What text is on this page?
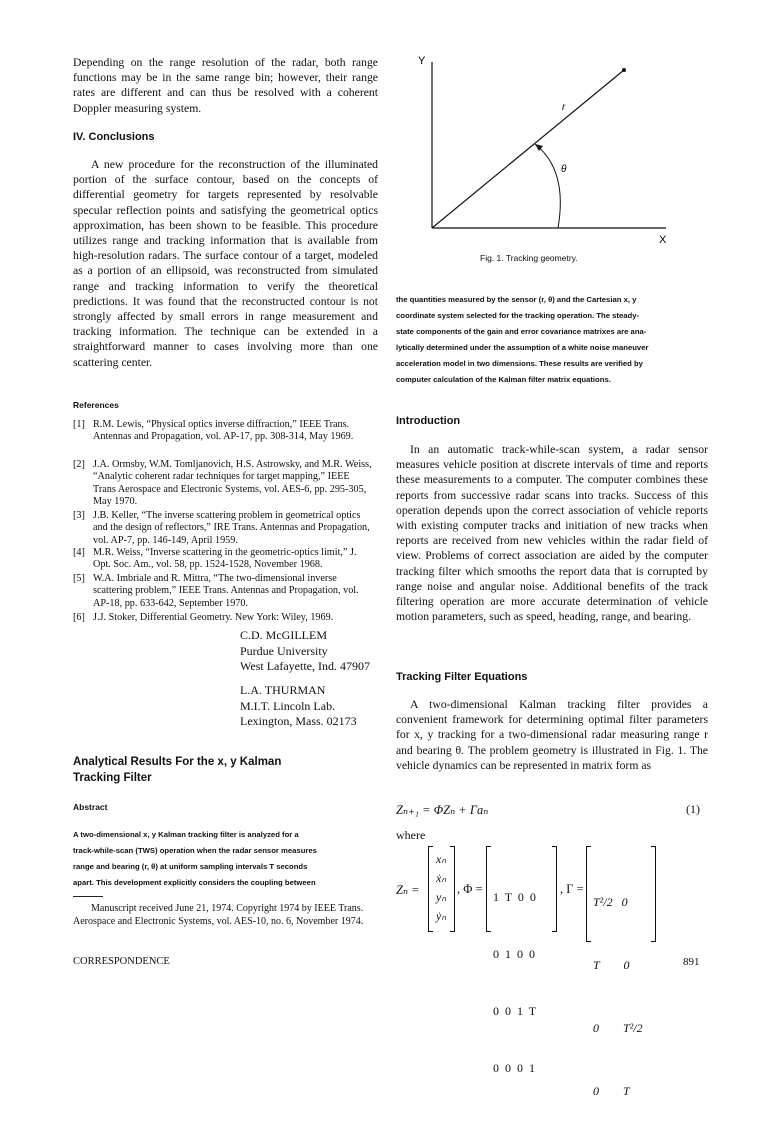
Depending on the range resolution of the radar, both range functions may be in the same range bin; however, their range rates are different and can thus be resolved with a coherent Doppler measuring system.

IV. Conclusions

A new procedure for the reconstruction of the illuminated portion of the surface contour, based on the concepts of differential geometry for targets represented by resolvable specular reflection points and satisfying the geometrical optics approximation, has been shown to be feasible. This procedure utilizes range and tracking information that is available from high-resolution radars. The surface contour of a target, modeled as a portion of an ellipsoid, was reconstructed from simulated range and tracking information to verify the theoretical predictions. It was found that the reconstructed contour is not strongly affected by small errors in range measurement and tracking information. The technique can be extended in a straightforward manner to cases involving more than one scattering center.

References
[1] R.M. Lewis, “Physical optics inverse diffraction,” IEEE Trans. Antennas and Propagation, vol. AP-17, pp. 308-314, May 1969.
[2] J.A. Ormsby, W.M. Tomljanovich, H.S. Astrowsky, and M.R. Weiss, “Analytic coherent radar techniques for target mapping,” IEEE Trans Aerospace and Electronic Systems, vol. AES-6, pp. 295-305, May 1970.
[3] J.B. Keller, “The inverse scattering problem in geometrical optics and the design of reflectors,” IRE Trans. Antennas and Propagation, vol. AP-7, pp. 146-149, April 1959.
[4] M.R. Weiss, “Inverse scattering in the geometric-optics limit,” J. Opt. Soc. Am., vol. 58, pp. 1524-1528, November 1968.
[5] W.A. Imbriale and R. Mittra, “The two-dimensional inverse scattering problem,” IEEE Trans. Antennas and Propagation, vol. AP-18, pp. 633-642, September 1970.
[6] J.J. Stoker, Differential Geometry. New York: Wiley, 1969.
C.D. McGILLEM
Purdue University
West Lafayette, Ind. 47907
L.A. THURMAN
M.I.T. Lincoln Lab.
Lexington, Mass. 02173
Analytical Results For the x, y Kalman
Tracking Filter
Abstract
A two-dimensional x, y Kalman tracking filter is analyzed for a
track-while-scan (TWS) operation when the radar sensor measures
range and bearing (r, θ) at uniform sampling intervals T seconds
apart. This development explicitly considers the coupling between

Manuscript received June 21, 1974. Copyright 1974 by IEEE Trans. Aerospace and Electronic Systems, vol. AES-10, no. 6, November 1974.

CORRESPONDENCE
Y
X
r
θ
Fig. 1. Tracking geometry.
the quantities measured by the sensor (r, θ) and the Cartesian x, y
coordinate system selected for the tracking operation. The steady-
state components of the gain and error covariance matrixes are ana-
lytically determined under the assumption of a white noise maneuver
acceleration model in two dimensions. These results are verified by
computer calculation of the Kalman filter matrix equations.
Introduction

In an automatic track-while-scan system, a radar sensor measures vehicle position at discrete intervals of time and reports these measurements to a computer. The computer combines these reports from successive radar scans into tracks. Success of this operation depends upon the correct association of vehicle reports with existing computer tracks and initiation of new tracks when reports are received from new vehicles within the radar field of view. Problems of correct association are aided by the computer tracking filter which smooths the report data that is corrupted by range noise and angular noise. Additional benefits of the track filtering operation are more accurate determination of vehicle motion parameters, such as speed, heading, range, and bearing.

Tracking Filter Equations

A two-dimensional Kalman tracking filter provides a convenient framework for determining optimal filter parameters for x, y tracking for a two-dimensional radar measuring range r and bearing θ. The problem geometry is illustrated in Fig. 1. The vehicle dynamics can be represented in matrix form as

Zₙ₊₁ = ΦZₙ + Γaₙ	(1)
where
Zₙ =
xₙ
ẋₙ
yₙ
ẏₙ
, Φ =

1  T  0  0

0  1  0  0

0  0  1  T

0  0  0  1

, Γ =

T²/2   0

T        0

0        T²/2

0        T

891
